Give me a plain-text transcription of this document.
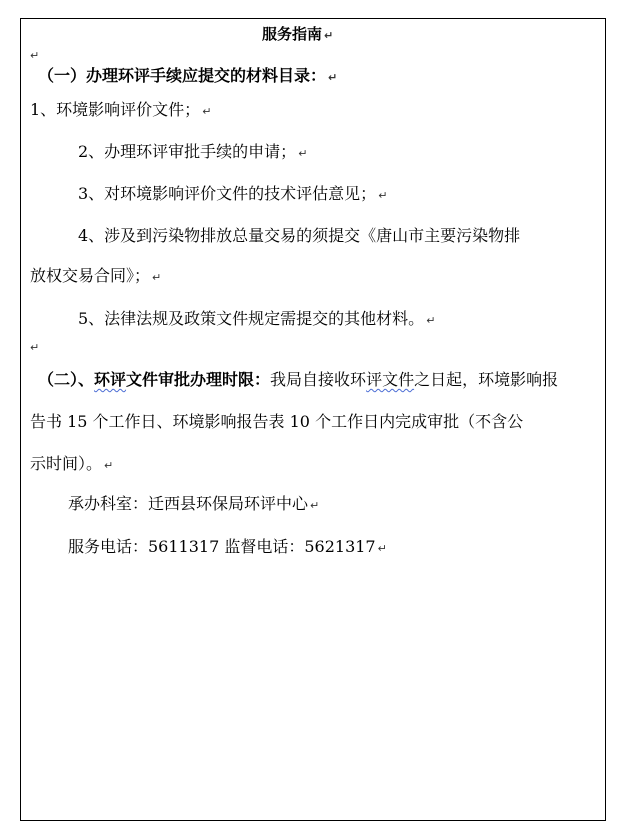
服务指南 ↵
↵
（一）办理环评手续应提交的材料目录： ↵
1、环境影响评价文件； ↵
2、办理环评审批手续的申请； ↵
3、对环境影响评价文件的技术评估意见； ↵
4、涉及到污染物排放总量交易的须提交《唐山市主要污染物排
放权交易合同》； ↵
5、法律法规及政策文件规定需提交的其他材料。 ↵
↵
（二）、环评文件审批办理时限：我局自接收环评文件之日起，环境影响报
告书 15 个工作日、环境影响报告表 10 个工作日内完成审批（不含公
示时间）。 ↵
承办科室：迁西县环保局环评中心 ↵
服务电话：5611317 监督电话：5621317 ↵
